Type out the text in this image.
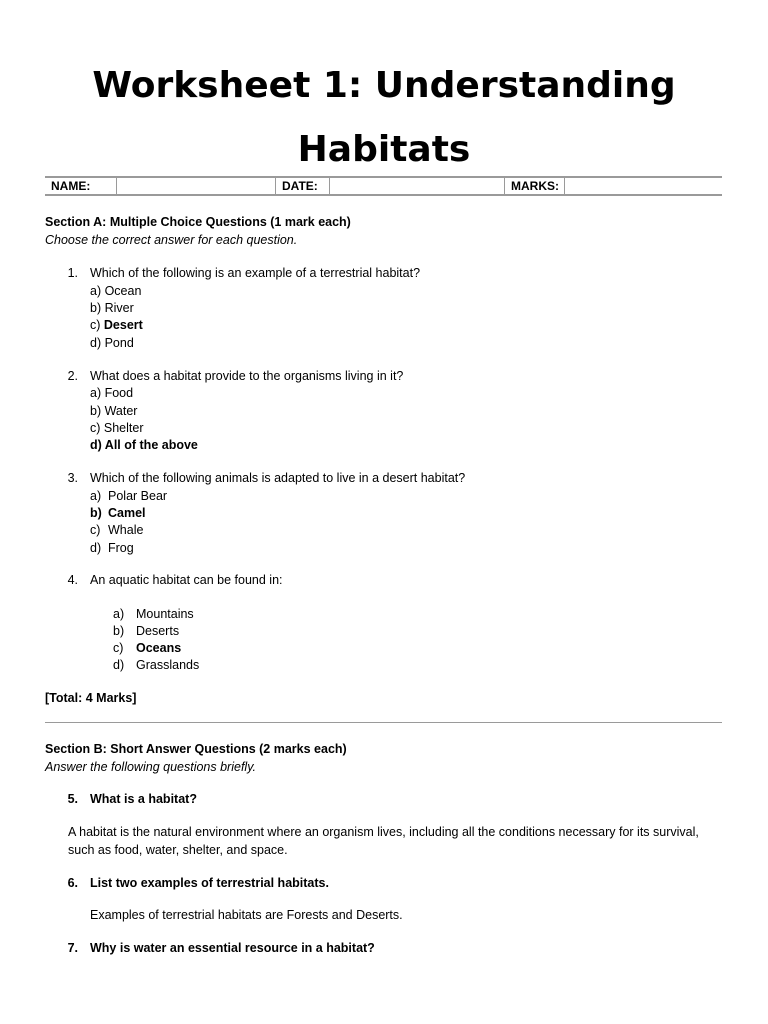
Worksheet 1: Understanding
Habitats
NAME:	DATE:	MARKS:
Section A: Multiple Choice Questions (1 mark each)
Choose the correct answer for each question.
1. Which of the following is an example of a terrestrial habitat?
a) Ocean
b) River
c) Desert
d) Pond
2. What does a habitat provide to the organisms living in it?
a) Food
b) Water
c) Shelter
d) All of the above
3. Which of the following animals is adapted to live in a desert habitat?
a) Polar Bear
b) Camel
c) Whale
d) Frog
4. An aquatic habitat can be found in:
a) Mountains
b) Deserts
c) Oceans
d) Grasslands
[Total: 4 Marks]
Section B: Short Answer Questions (2 marks each)
Answer the following questions briefly.
5. What is a habitat?
A habitat is the natural environment where an organism lives, including all the conditions necessary for its survival, such as food, water, shelter, and space.
6. List two examples of terrestrial habitats.
Examples of terrestrial habitats are Forests and Deserts.
7. Why is water an essential resource in a habitat?
